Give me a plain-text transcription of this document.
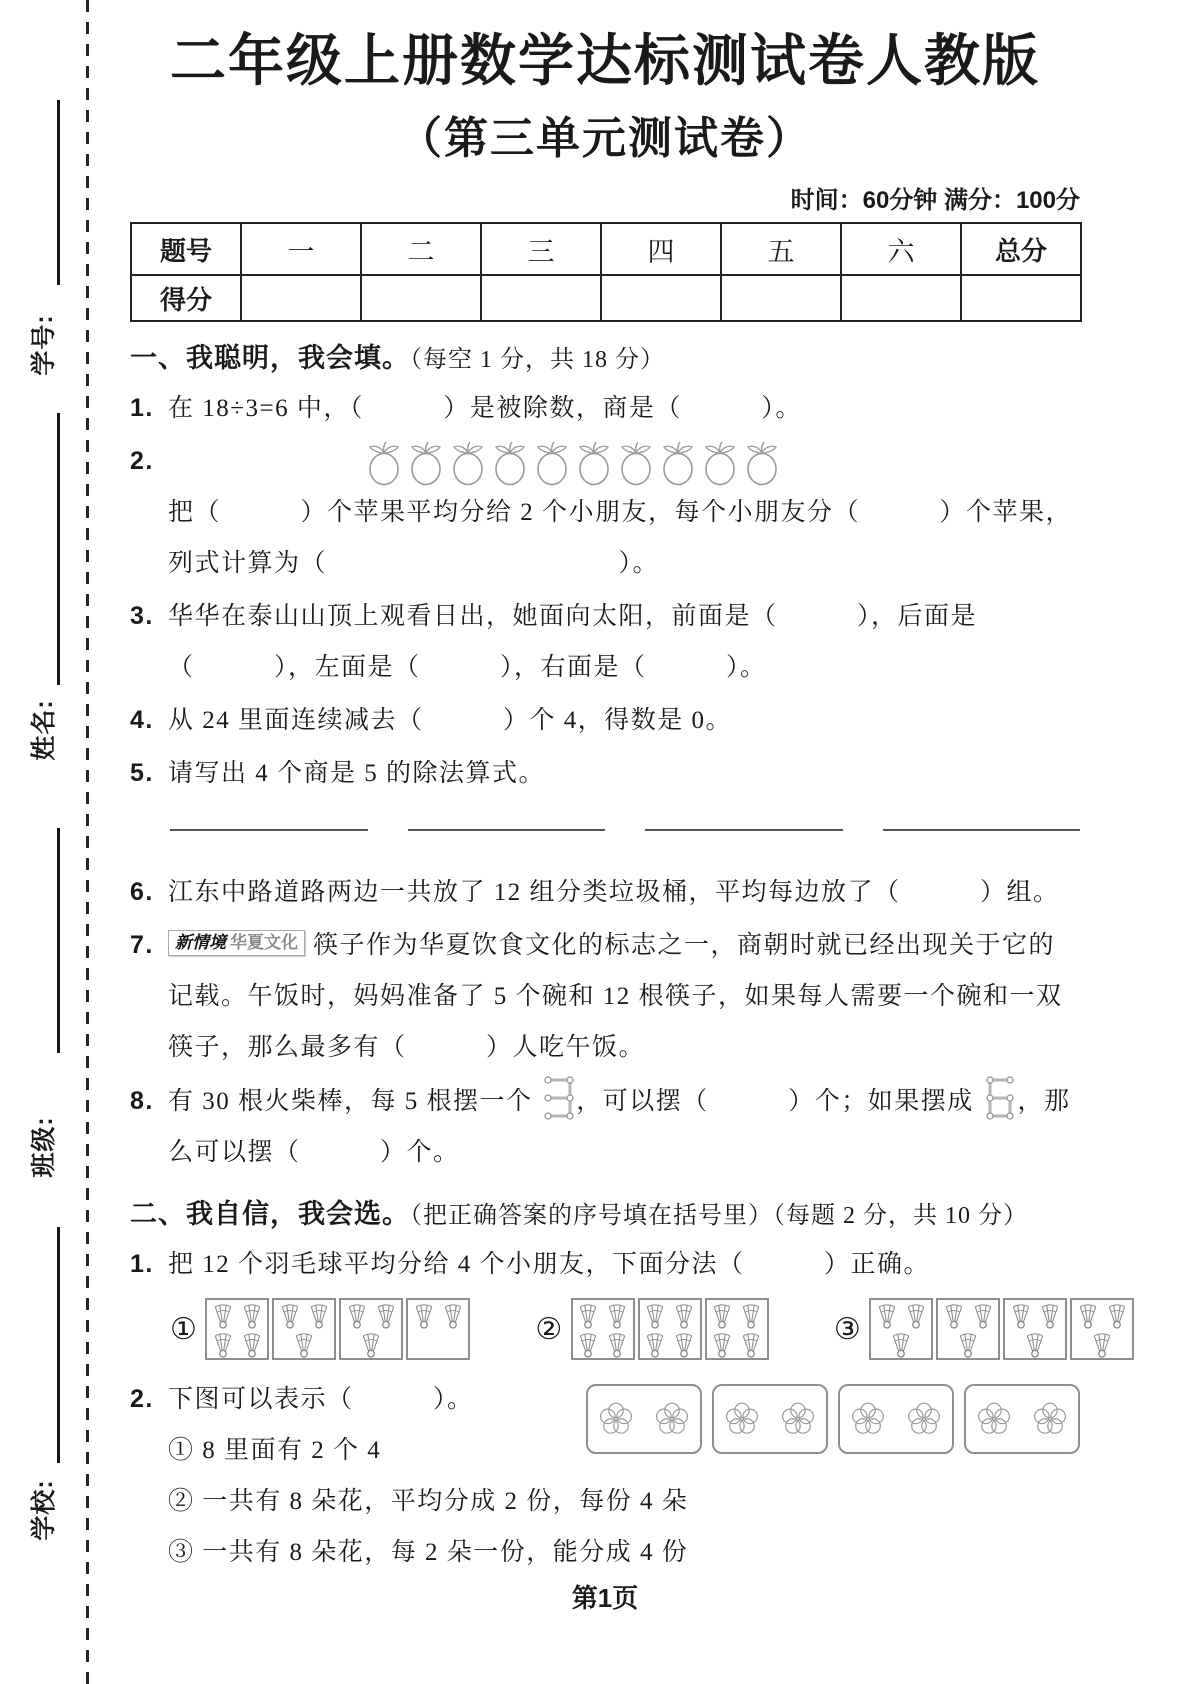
学号:
姓名:
班级:
学校:
二年级上册数学达标测试卷人教版
（第三单元测试卷）
时间：60分钟 满分：100分
题号	一	二	三	四	五	六	总分
得分							
一、我聪明，我会填。（每空 1 分，共 18 分）
1. 在 18÷3=6 中，（　　　）是被除数，商是（　　　）。
2.
把（　　　）个苹果平均分给 2 个小朋友，每个小朋友分（　　　）个苹果，列式计算为（　　　　　　　　　　　）。
3. 华华在泰山山顶上观看日出，她面向太阳，前面是（　　　），后面是（　　　），左面是（　　　），右面是（　　　）。
4. 从 24 里面连续减去（　　　）个 4，得数是 0。
5. 请写出 4 个商是 5 的除法算式。
6. 江东中路道路两边一共放了 12 组分类垃圾桶，平均每边放了（　　　）组。
7. 新情境 华夏文化 筷子作为华夏饮食文化的标志之一，商朝时就已经出现关于它的记载。午饭时，妈妈准备了 5 个碗和 12 根筷子，如果每人需要一个碗和一双筷子，那么最多有（　　　）人吃午饭。
8. 有 30 根火柴棒，每 5 根摆一个 ，可以摆（　　　）个；如果摆成 ，那么可以摆（　　　）个。
二、我自信，我会选。（把正确答案的序号填在括号里）（每题 2 分，共 10 分）
1. 把 12 个羽毛球平均分给 4 个小朋友，下面分法（　　　）正确。
①	②	③
2. 下图可以表示（　　　）。
① 8 里面有 2 个 4
② 一共有 8 朵花，平均分成 2 份，每份 4 朵
③ 一共有 8 朵花，每 2 朵一份，能分成 4 份
第1页
